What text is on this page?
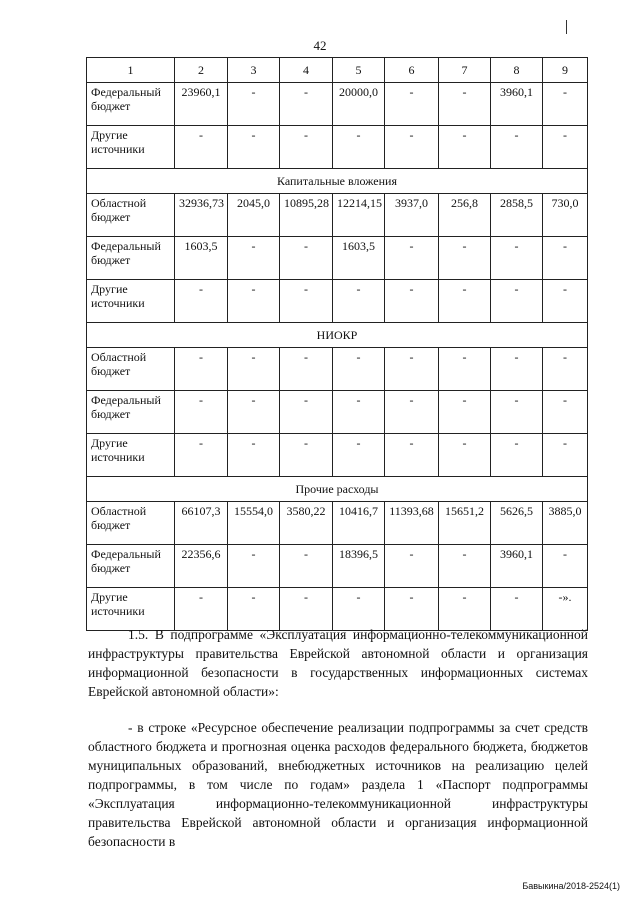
42
1	2	3	4	5	6	7	8	9
Федеральный бюджет	23960,1	-	-	20000,0	-	-	3960,1	-
Другие источники	-	-	-	-	-	-	-	-
Капитальные вложения								
Областной бюджет	32936,73	2045,0	10895,28	12214,15	3937,0	256,8	2858,5	730,0
Федеральный бюджет	1603,5	-	-	1603,5	-	-	-	-
Другие источники	-	-	-	-	-	-	-	-
НИОКР								
Областной бюджет	-	-	-	-	-	-	-	-
Федеральный бюджет	-	-	-	-	-	-	-	-
Другие источники	-	-	-	-	-	-	-	-
Прочие расходы								
Областной бюджет	66107,3	15554,0	3580,22	10416,7	11393,68	15651,2	5626,5	3885,0
Федеральный бюджет	22356,6	-	-	18396,5	-	-	3960,1	-
Другие источники	-	-	-	-	-	-	-	-».
1.5. В подпрограмме «Эксплуатация информационно-телекоммуникационной инфраструктуры правительства Еврейской автономной области и организация информационной безопасности в государственных информационных системах Еврейской автономной области»:
- в строке «Ресурсное обеспечение реализации подпрограммы за счет средств областного бюджета и прогнозная оценка расходов федерального бюджета, бюджетов муниципальных образований, внебюджетных источников на реализацию целей подпрограммы, в том числе по годам» раздела 1 «Паспорт подпрограммы «Эксплуатация информационно-телекоммуникационной инфраструктуры правительства Еврейской автономной области и организация информационной безопасности в
Бавыкина/2018-2524(1)
